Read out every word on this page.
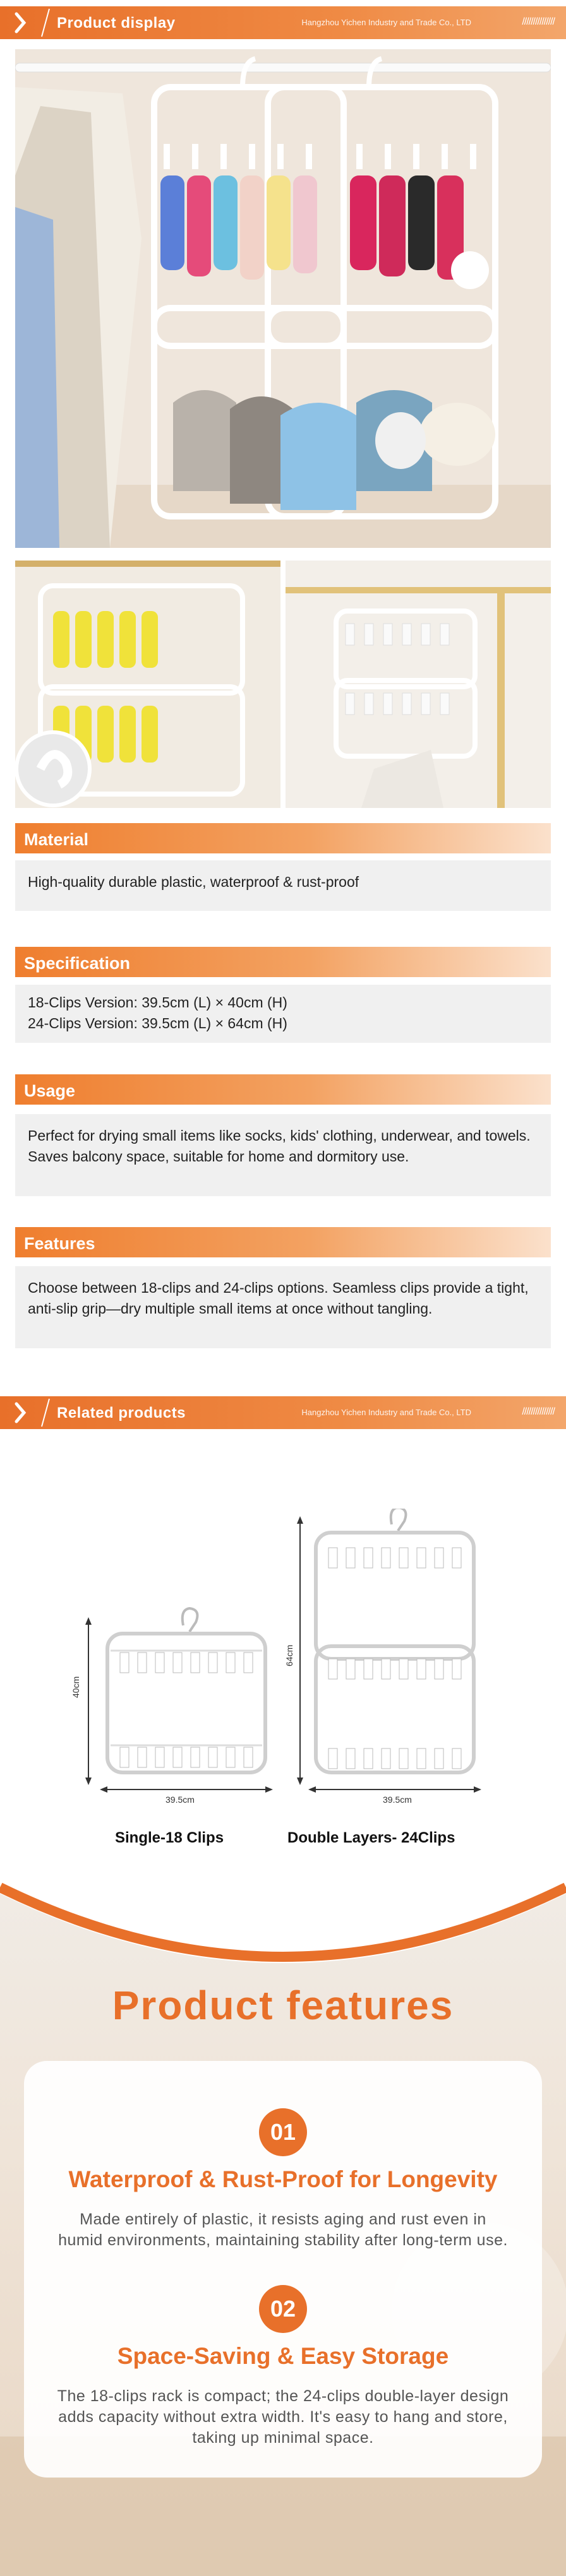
Product display	Hangzhou Yichen Industry and Trade Co., LTD	///////////////
Material
High-quality durable plastic, waterproof & rust-proof
Specification
18-Clips Version: 39.5cm (L) × 40cm (H)
24-Clips Version: 39.5cm (L) × 64cm (H)
Usage
Perfect for drying small items like socks, kids' clothing, underwear, and towels. Saves balcony space, suitable for home and dormitory use.
Features
Choose between 18-clips and 24-clips options. Seamless clips provide a tight, anti-slip grip—dry multiple small items at once without tangling.
Related products	Hangzhou Yichen Industry and Trade Co., LTD	///////////////
40cm
39.5cm
64cm
39.5cm
Single-18 Clips	Double Layers- 24Clips
Product features
01
Waterproof & Rust-Proof for Longevity
Made entirely of plastic, it resists aging and rust even in humid environments, maintaining stability after long-term use.
02
Space-Saving & Easy Storage
The 18-clips rack is compact; the 24-clips double-layer design adds capacity without extra width. It's easy to hang and store, taking up minimal space.
